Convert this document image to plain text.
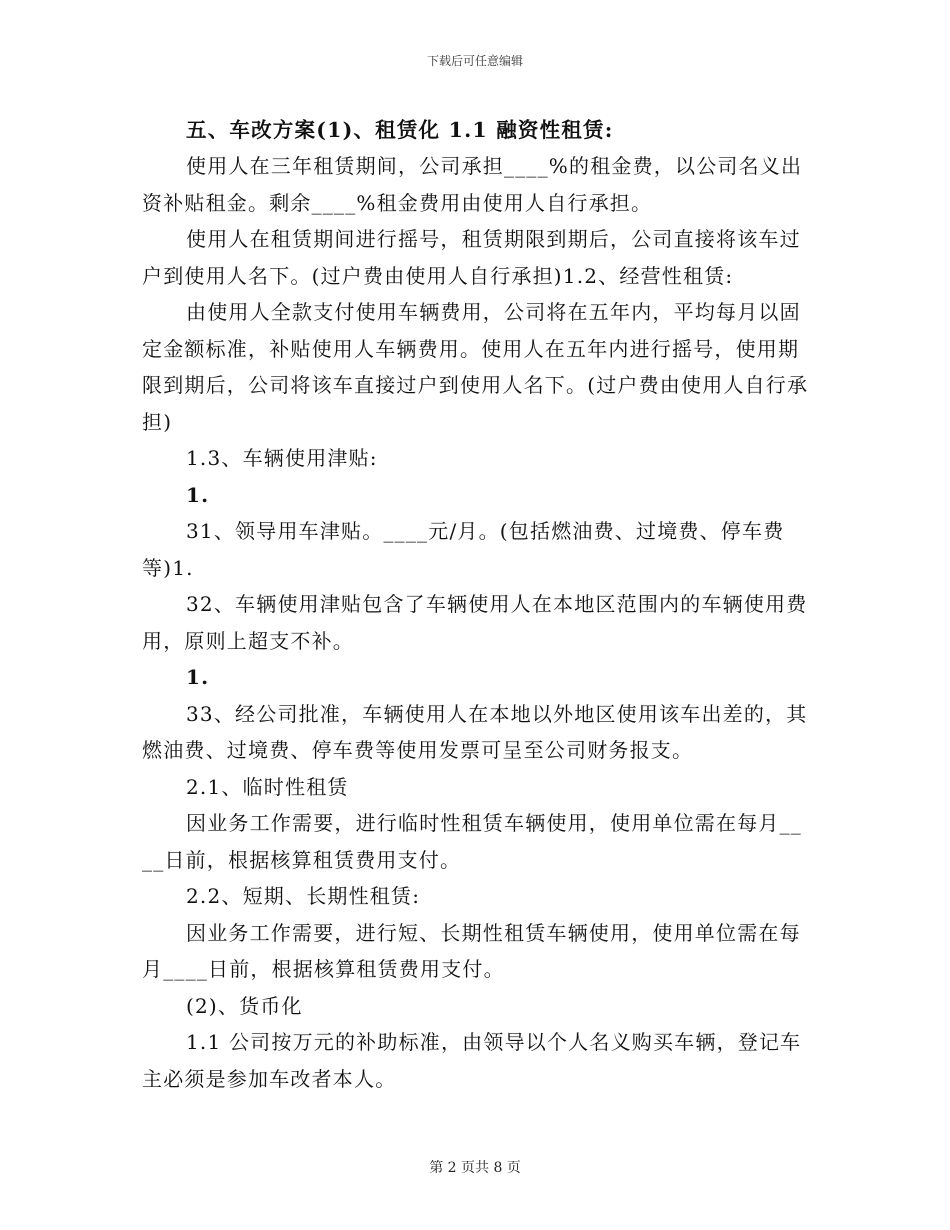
下载后可任意编辑

五、车改方案(1)、租赁化 1.1 融资性租赁:

使用人在三年租赁期间，公司承担____%的租金费，以公司名义出资补贴租金。剩余____%租金费用由使用人自行承担。

使用人在租赁期间进行摇号，租赁期限到期后，公司直接将该车过户到使用人名下。(过户费由使用人自行承担)1.2、经营性租赁:

由使用人全款支付使用车辆费用，公司将在五年内，平均每月以固定金额标准，补贴使用人车辆费用。使用人在五年内进行摇号，使用期限到期后，公司将该车直接过户到使用人名下。(过户费由使用人自行承担)

1.3、车辆使用津贴:

1.

31、领导用车津贴。____元/月。(包括燃油费、过境费、停车费等)1.

32、车辆使用津贴包含了车辆使用人在本地区范围内的车辆使用费用，原则上超支不补。

1.

33、经公司批准，车辆使用人在本地以外地区使用该车出差的，其燃油费、过境费、停车费等使用发票可呈至公司财务报支。

2.1、临时性租赁

因业务工作需要，进行临时性租赁车辆使用，使用单位需在每月____日前，根据核算租赁费用支付。

2.2、短期、长期性租赁:

因业务工作需要，进行短、长期性租赁车辆使用，使用单位需在每月____日前，根据核算租赁费用支付。

(2)、货币化

1.1 公司按万元的补助标准，由领导以个人名义购买车辆，登记车主必须是参加车改者本人。

第 2 页共 8 页
